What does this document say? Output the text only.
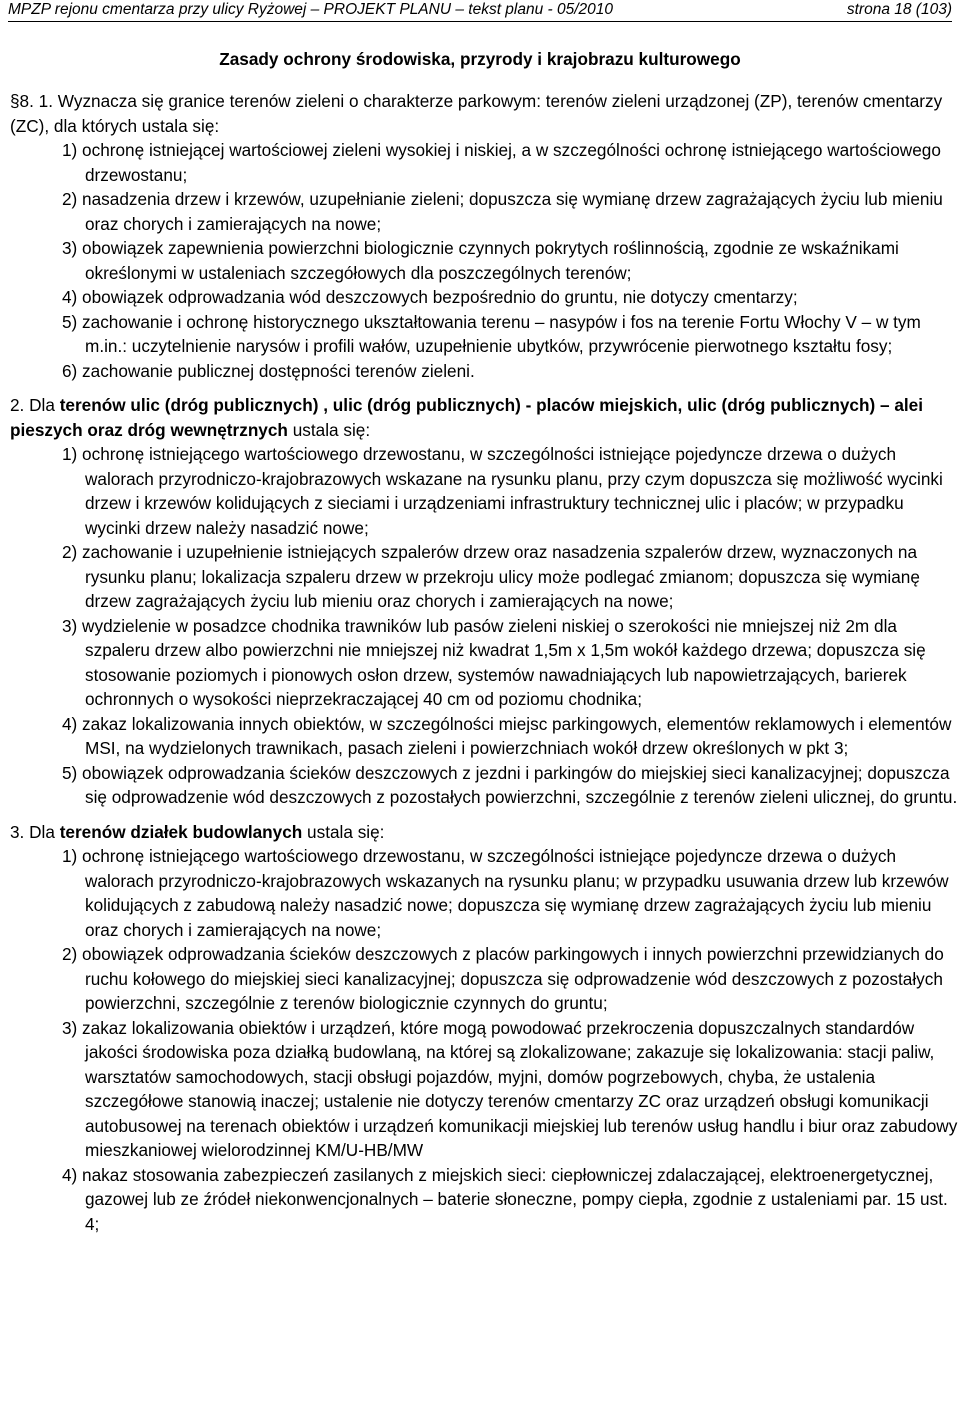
MPZP rejonu cmentarza przy ulicy Ryżowej – PROJEKT PLANU – tekst planu - 05/2010	strona 18 (103)
Zasady ochrony środowiska, przyrody i krajobrazu kulturowego

§8. 1. Wyznacza się granice terenów zieleni o charakterze parkowym: terenów zieleni urządzonej (ZP), terenów cmentarzy (ZC), dla których ustala się:

1) ochronę istniejącej wartościowej zieleni wysokiej i niskiej, a w szczególności ochronę istniejącego wartościowego drzewostanu;

2) nasadzenia drzew i krzewów, uzupełnianie zieleni; dopuszcza się wymianę drzew zagrażających życiu lub mieniu oraz chorych i zamierających na nowe;

3) obowiązek zapewnienia powierzchni biologicznie czynnych pokrytych roślinnością, zgodnie ze wskaźnikami określonymi w ustaleniach szczegółowych dla poszczególnych terenów;

4) obowiązek odprowadzania wód deszczowych bezpośrednio do gruntu, nie dotyczy cmentarzy;

5) zachowanie i ochronę historycznego ukształtowania terenu – nasypów i fos na terenie Fortu Włochy V – w tym m.in.: uczytelnienie narysów i profili wałów, uzupełnienie ubytków, przywrócenie pierwotnego kształtu fosy;

6) zachowanie publicznej dostępności terenów zieleni.

2. Dla terenów ulic (dróg publicznych) , ulic (dróg publicznych) - placów miejskich, ulic (dróg publicznych) – alei pieszych oraz dróg wewnętrznych ustala się:

1) ochronę istniejącego wartościowego drzewostanu, w szczególności istniejące pojedyncze drzewa o dużych walorach przyrodniczo-krajobrazowych wskazane na rysunku planu, przy czym dopuszcza się możliwość wycinki drzew i krzewów kolidujących z sieciami i urządzeniami infrastruktury technicznej ulic i placów; w przypadku wycinki drzew należy nasadzić nowe;

2) zachowanie i uzupełnienie istniejących szpalerów drzew oraz nasadzenia szpalerów drzew, wyznaczonych na rysunku planu; lokalizacja szpaleru drzew w przekroju ulicy może podlegać zmianom; dopuszcza się wymianę drzew zagrażających życiu lub mieniu oraz chorych i zamierających na nowe;

3) wydzielenie w posadzce chodnika trawników lub pasów zieleni niskiej o szerokości nie mniejszej niż 2m dla szpaleru drzew albo powierzchni nie mniejszej niż kwadrat 1,5m x 1,5m wokół każdego drzewa; dopuszcza się stosowanie poziomych i pionowych osłon drzew, systemów nawadniających lub napowietrzających, barierek ochronnych o wysokości nieprzekraczającej 40 cm od poziomu chodnika;

4) zakaz lokalizowania innych obiektów, w szczególności miejsc parkingowych, elementów reklamowych i elementów MSI, na wydzielonych trawnikach, pasach zieleni i powierzchniach wokół drzew określonych w pkt 3;

5) obowiązek odprowadzania ścieków deszczowych z jezdni i parkingów do miejskiej sieci kanalizacyjnej; dopuszcza się odprowadzenie wód deszczowych z pozostałych powierzchni, szczególnie z terenów zieleni ulicznej, do gruntu.

3. Dla terenów działek budowlanych ustala się:

1) ochronę istniejącego wartościowego drzewostanu, w szczególności istniejące pojedyncze drzewa o dużych walorach przyrodniczo-krajobrazowych wskazanych na rysunku planu; w przypadku usuwania drzew lub krzewów kolidujących z zabudową należy nasadzić nowe; dopuszcza się wymianę drzew zagrażających życiu lub mieniu oraz chorych i zamierających na nowe;

2) obowiązek odprowadzania ścieków deszczowych z placów parkingowych i innych powierzchni przewidzianych do ruchu kołowego do miejskiej sieci kanalizacyjnej; dopuszcza się odprowadzenie wód deszczowych z pozostałych powierzchni, szczególnie z terenów biologicznie czynnych do gruntu;

3) zakaz lokalizowania obiektów i urządzeń, które mogą powodować przekroczenia dopuszczalnych standardów jakości środowiska poza działką budowlaną, na której są zlokalizowane; zakazuje się lokalizowania: stacji paliw, warsztatów samochodowych, stacji obsługi pojazdów, myjni, domów pogrzebowych, chyba, że ustalenia szczegółowe stanowią inaczej; ustalenie nie dotyczy terenów cmentarzy ZC oraz urządzeń obsługi komunikacji autobusowej na terenach obiektów i urządzeń komunikacji miejskiej lub terenów usług handlu i biur oraz zabudowy mieszkaniowej wielorodzinnej KM/U-HB/MW

4) nakaz stosowania zabezpieczeń zasilanych z miejskich sieci: ciepłowniczej zdalaczającej, elektroenergetycznej, gazowej lub ze źródeł niekonwencjonalnych – baterie słoneczne, pompy ciepła, zgodnie z ustaleniami par. 15 ust. 4;
